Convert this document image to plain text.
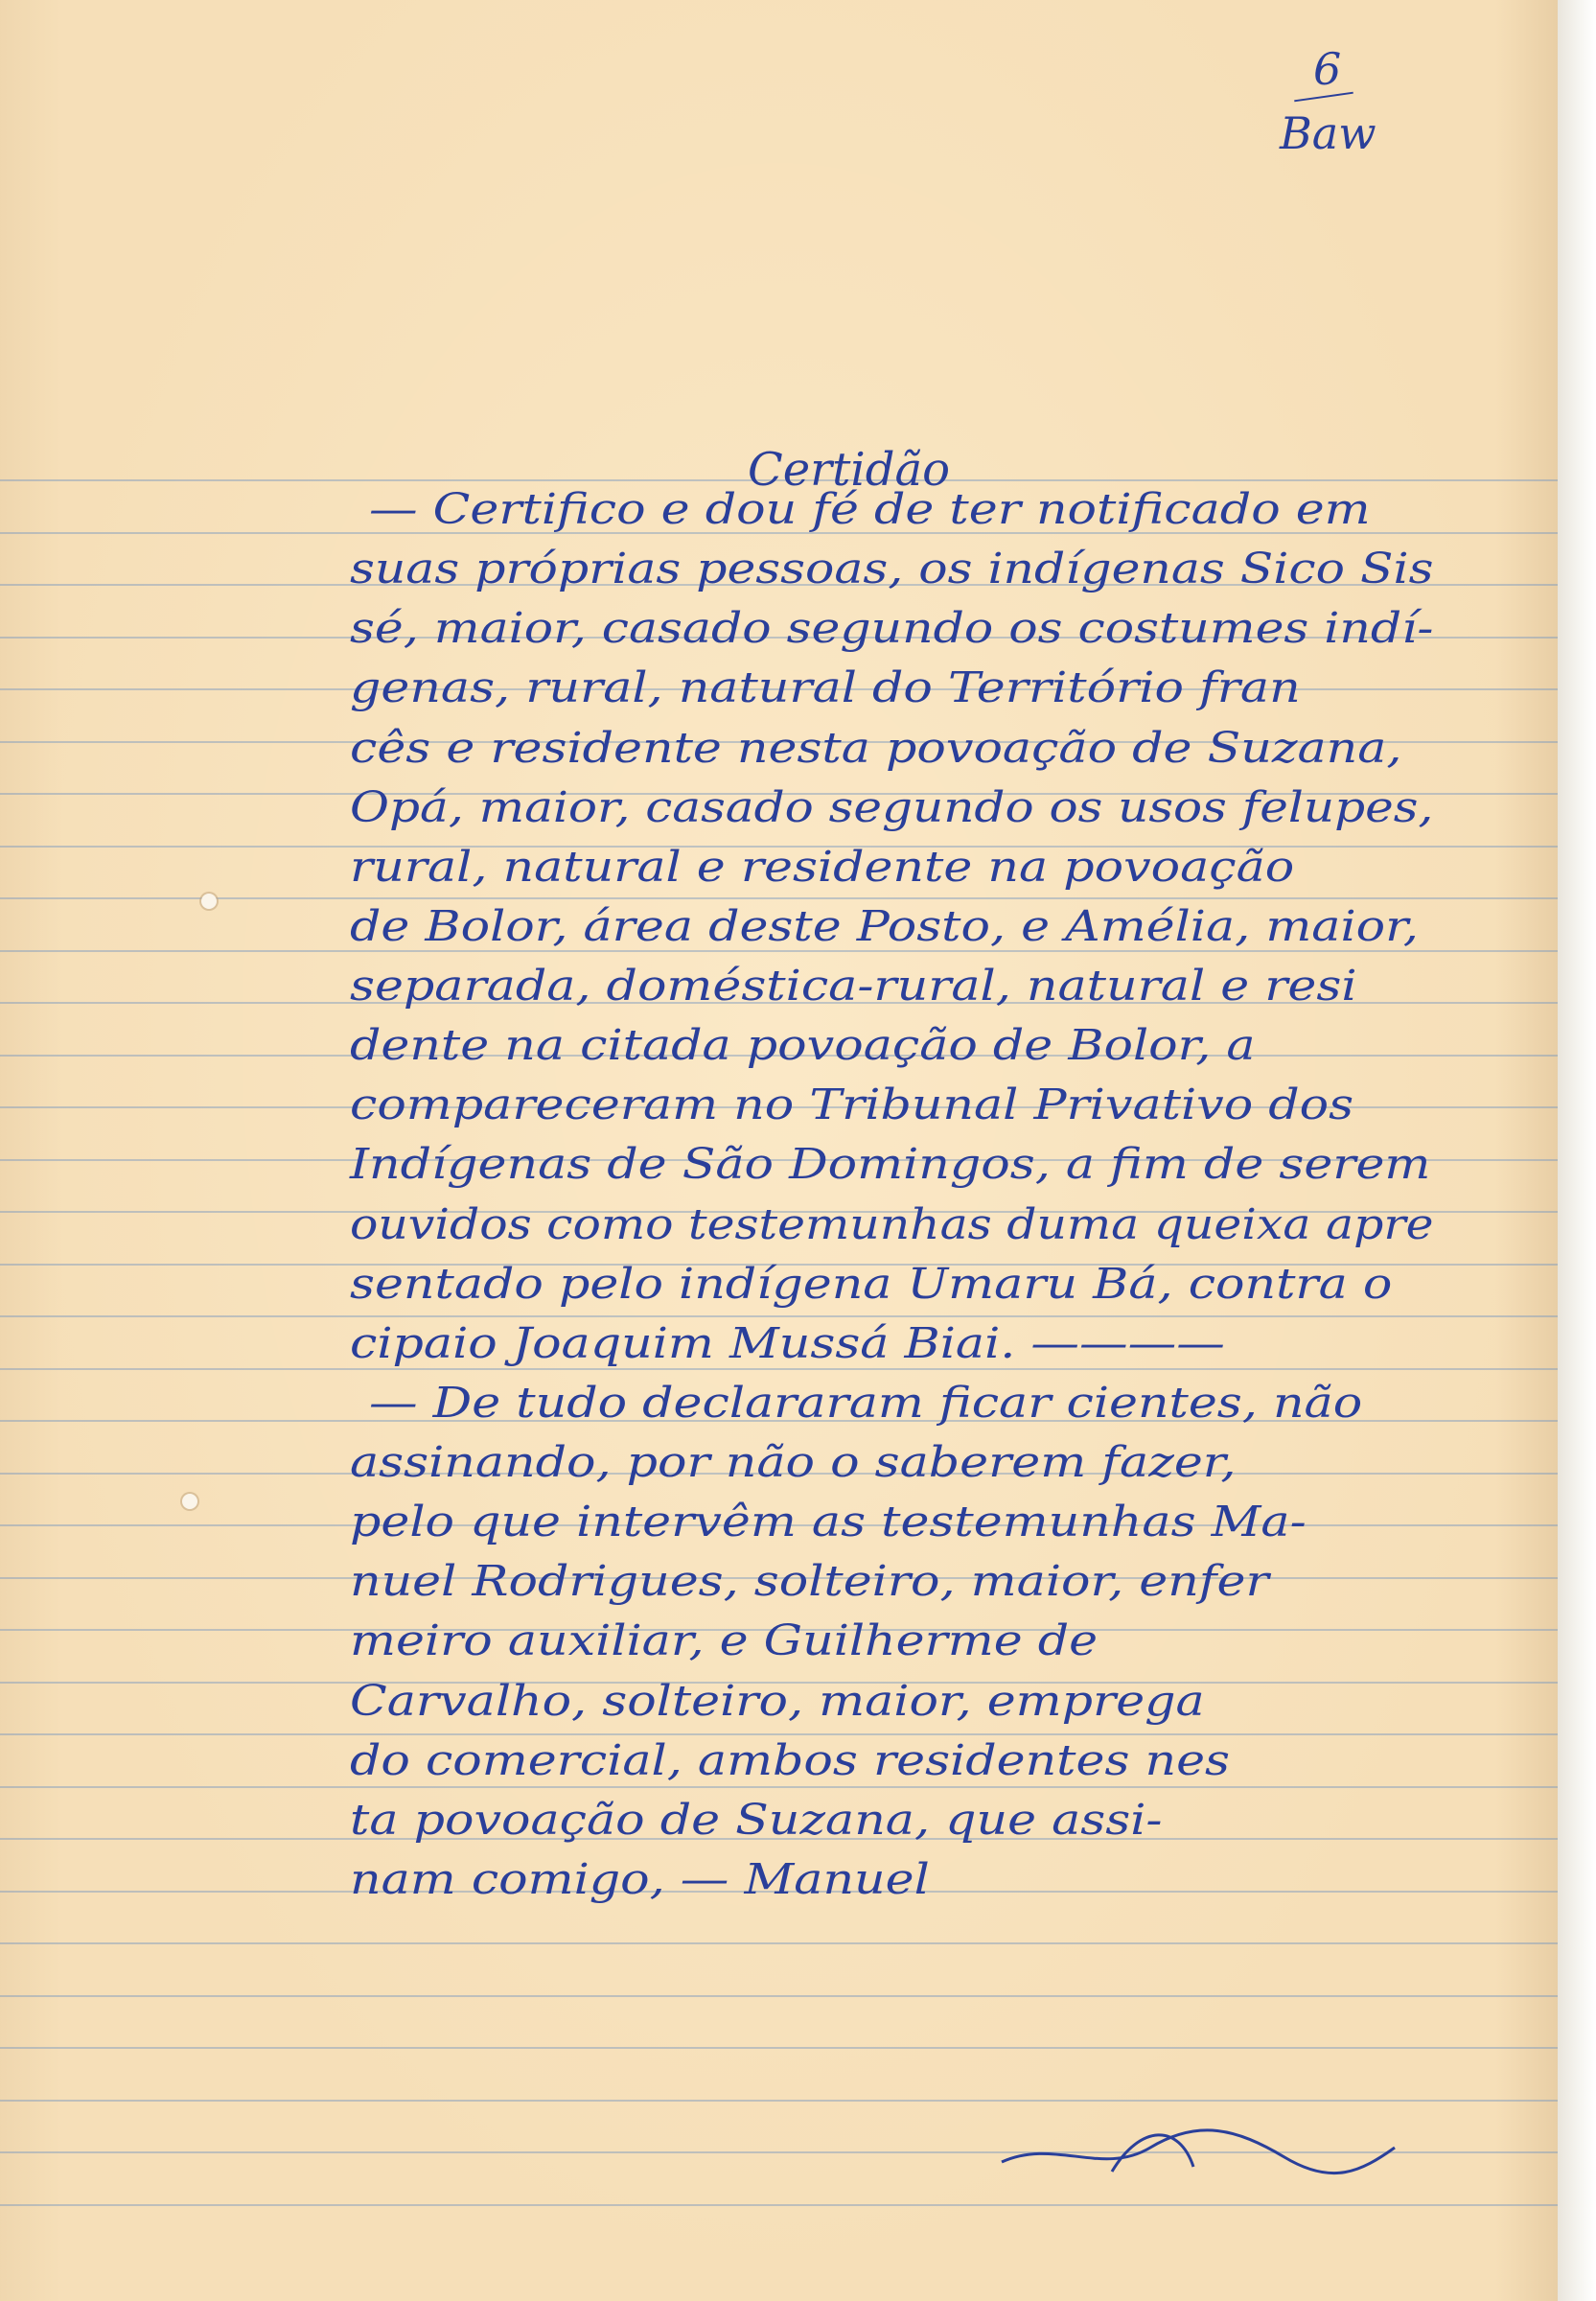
6
Baw
Certidão
— Certifico e dou fé de ter notificado em
suas próprias pessoas, os indígenas Sico Sis
sé, maior, casado segundo os costumes indí-
genas, rural, natural do Território fran
cês e residente nesta povoação de Suzana,
Opá, maior, casado segundo os usos felupes,
rural, natural e residente na povoação
de Bolor, área deste Posto, e Amélia, maior,
separada, doméstica-rural, natural e resi
dente na citada povoação de Bolor, a
compareceram no Tribunal Privativo dos
Indígenas de São Domingos, a fim de serem
ouvidos como testemunhas duma queixa apre
sentado pelo indígena Umaru Bá, contra o
cipaio Joaquim Mussá Biai. ————
— De tudo declararam ficar cientes, não
assinando, por não o saberem fazer,
pelo que intervêm as testemunhas Ma-
nuel Rodrigues, solteiro, maior, enfer
meiro auxiliar, e Guilherme de
Carvalho, solteiro, maior, emprega
do comercial, ambos residentes nes
ta povoação de Suzana, que assi-
nam comigo, — Manuel
